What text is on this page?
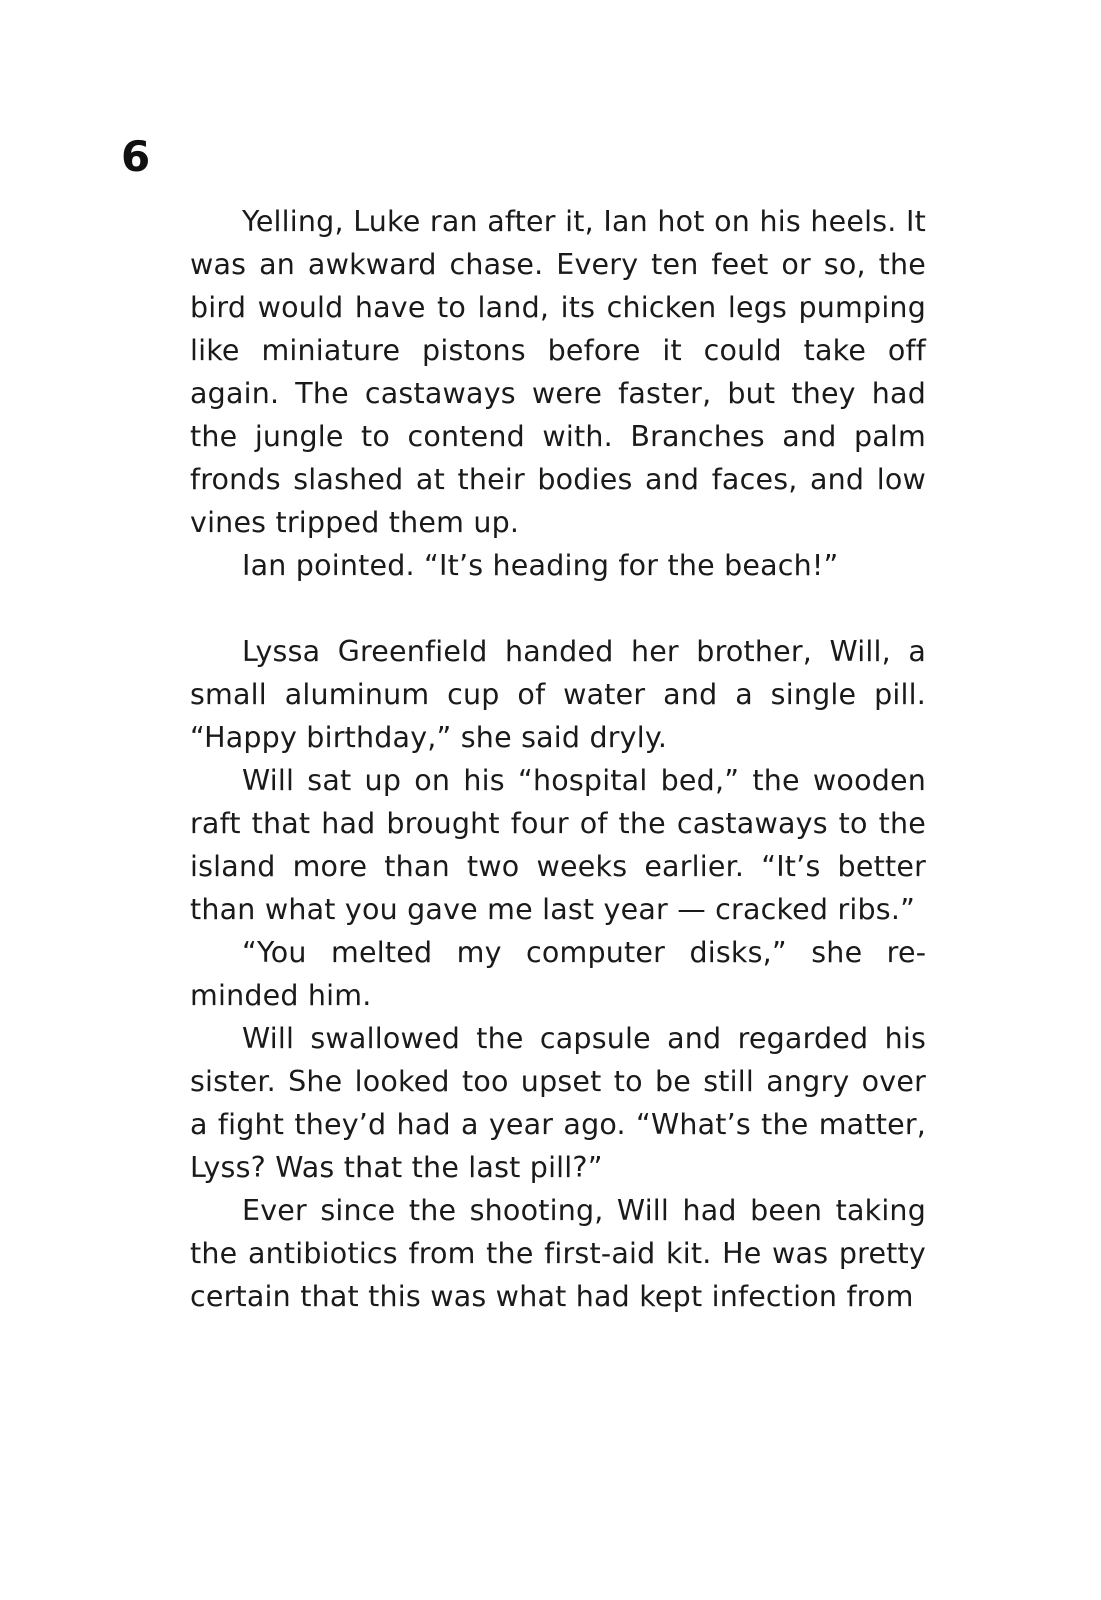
6

Yelling, Luke ran after it, Ian hot on his heels. It was an awkward chase. Every ten feet or so, the bird would have to land, its chicken legs pumping like miniature pistons before it could take off again. The castaways were faster, but they had the jungle to contend with. Branches and palm fronds slashed at their bodies and faces, and low vines tripped them up.

Ian pointed. “It’s heading for the beach!”

Lyssa Greenfield handed her brother, Will, a small aluminum cup of water and a single pill. “Happy birthday,” she said dryly.

Will sat up on his “hospital bed,” the wooden raft that had brought four of the castaways to the island more than two weeks earlier. “It’s better than what you gave me last year — cracked ribs.”

“You melted my computer disks,” she reminded him.

Will swallowed the capsule and regarded his sister. She looked too upset to be still angry over a fight they’d had a year ago. “What’s the matter, Lyss? Was that the last pill?”

Ever since the shooting, Will had been taking the antibiotics from the first-aid kit. He was pretty certain that this was what had kept infection from
